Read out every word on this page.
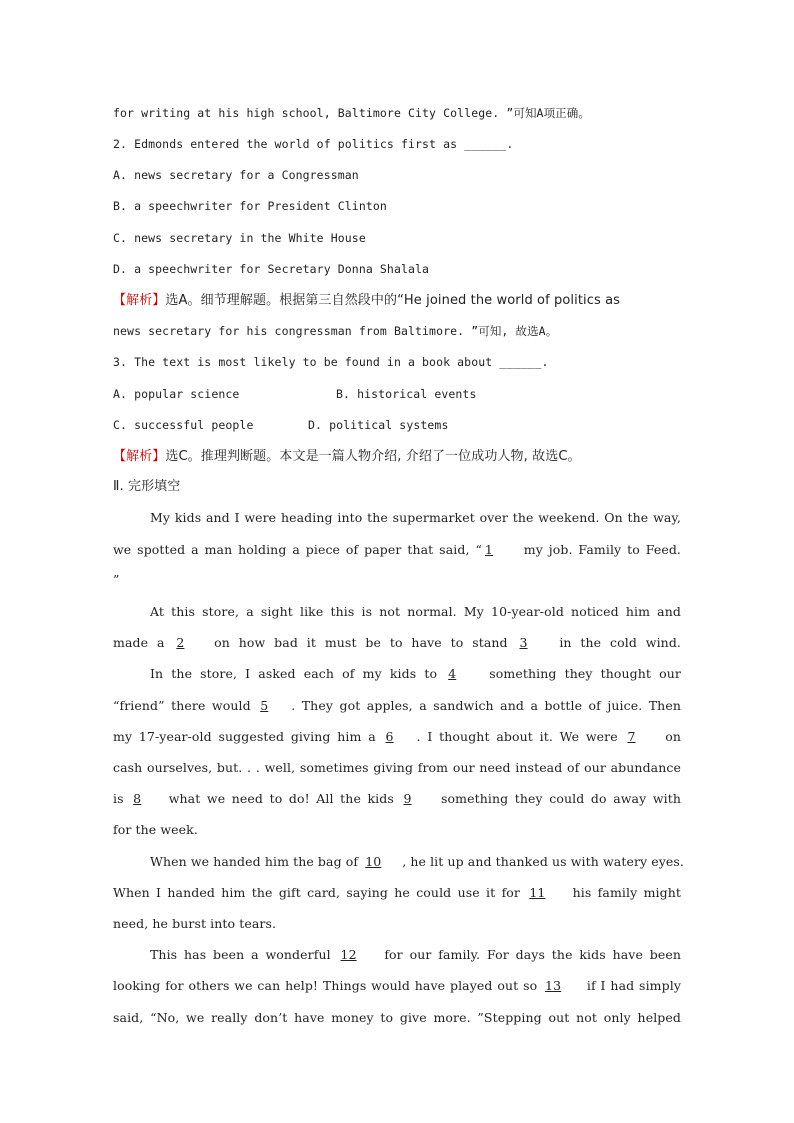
for writing at his high school, Baltimore City College. ”可知A项正确。
2. Edmonds entered the world of politics first as ______.
A. news secretary for a Congressman
B. a speechwriter for President Clinton
C. news secretary in the White House
D. a speechwriter for Secretary Donna Shalala
【解析】选A。细节理解题。根据第三自然段中的“He joined the world of politics as
news secretary for his congressman from Baltimore. ”可知, 故选A。
3. The text is most likely to be found in a book about ______.
A. popular science	B. historical events
C. successful people	D. political systems
【解析】选C。推理判断题。本文是一篇人物介绍, 介绍了一位成功人物, 故选C。
Ⅱ. 完形填空
My kids and I were heading into the supermarket over the weekend. On the way,
we spotted a man holding a piece of paper that said, “ 1 my job. Family to Feed.
”
At this store, a sight like this is not normal. My 10-year-old noticed him and
made a 2 on how bad it must be to have to stand 3 in the cold wind.
In the store, I asked each of my kids to 4 something they thought our
“friend” there would 5 . They got apples, a sandwich and a bottle of juice. Then
my 17-year-old suggested giving him a 6 . I thought about it. We were 7 on
cash ourselves, but. . . well, sometimes giving from our need instead of our abundance
is 8 what we need to do! All the kids 9 something they could do away with
for the week.
When we handed him the bag of 10 , he lit up and thanked us with watery eyes.
When I handed him the gift card, saying he could use it for 11 his family might
need, he burst into tears.
This has been a wonderful 12 for our family. For days the kids have been
looking for others we can help! Things would have played out so 13 if I had simply
said, “No, we really don’t have money to give more. ”Stepping out not only helped
